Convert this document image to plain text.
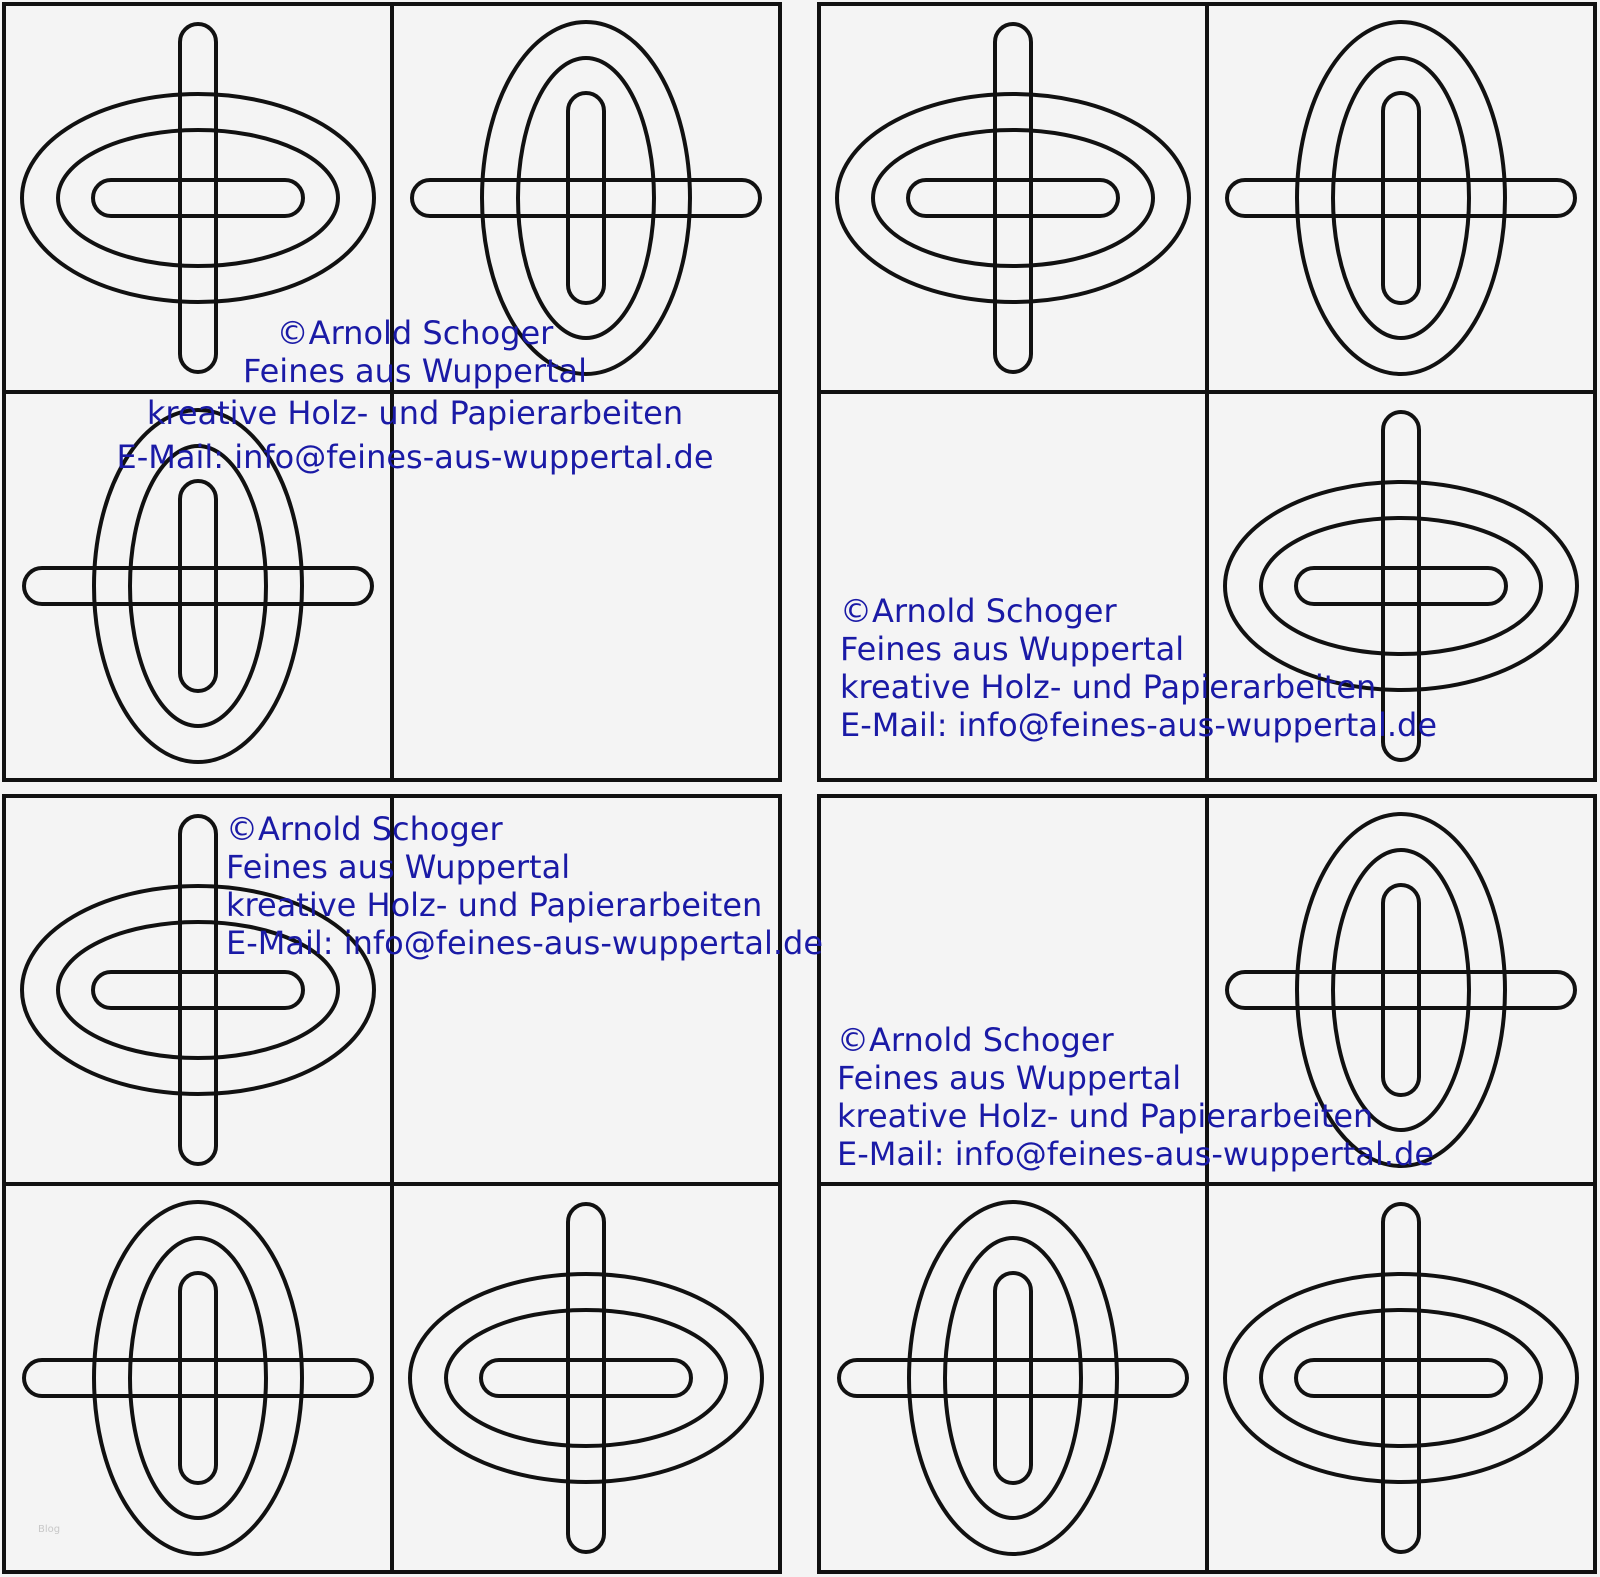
©Arnold Schoger
Feines aus Wuppertal
kreative Holz- und Papierarbeiten
E-Mail: info@feines-aus-wuppertal.de
©Arnold Schoger
Feines aus Wuppertal
kreative Holz- und Papierarbeiten
E-Mail: info@feines-aus-wuppertal.de
©Arnold Schoger
Feines aus Wuppertal
kreative Holz- und Papierarbeiten
E-Mail: info@feines-aus-wuppertal.de
©Arnold Schoger
Feines aus Wuppertal
kreative Holz- und Papierarbeiten
E-Mail: info@feines-aus-wuppertal.de
Blog
